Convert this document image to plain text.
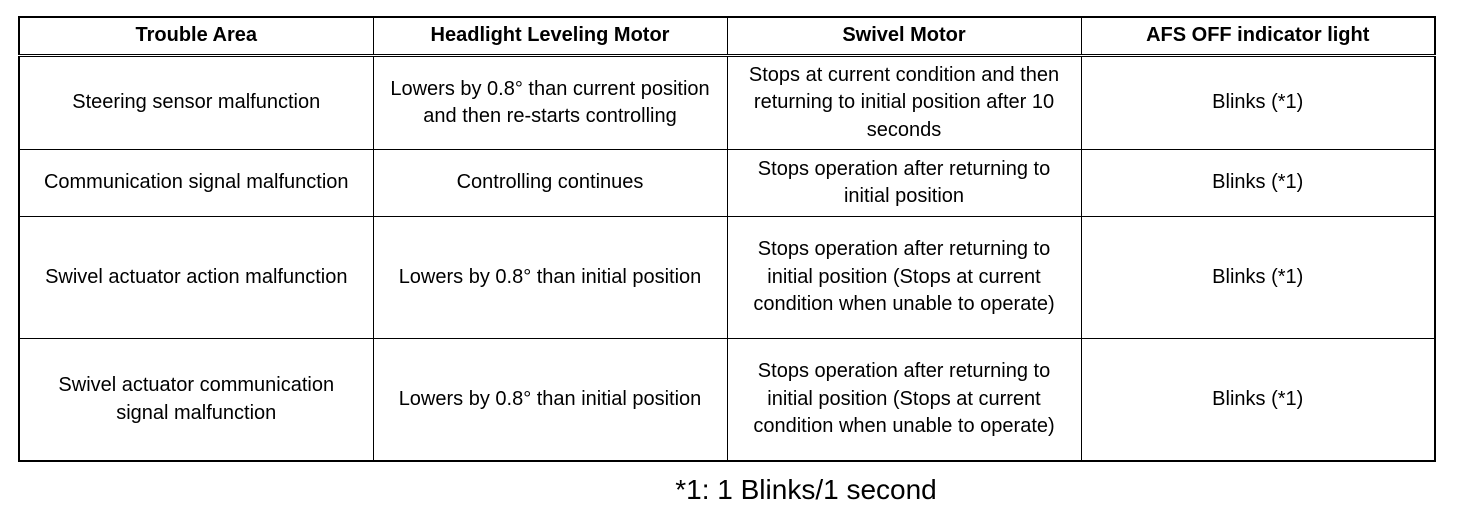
Trouble Area	Headlight Leveling Motor	Swivel Motor	AFS OFF indicator light
Steering sensor malfunction	Lowers by 0.8° than current position and then re-starts controlling	Stops at current condition and then returning to initial position after 10 seconds	Blinks (*1)
Communication signal malfunction	Controlling continues	Stops operation after returning to initial position	Blinks (*1)
Swivel actuator action malfunction	Lowers by 0.8° than initial position	Stops operation after returning to initial position (Stops at current condition when unable to operate)	Blinks (*1)
Swivel actuator communication signal malfunction	Lowers by 0.8° than initial position	Stops operation after returning to initial position (Stops at current condition when unable to operate)	Blinks (*1)
*1: 1 Blinks/1 second
